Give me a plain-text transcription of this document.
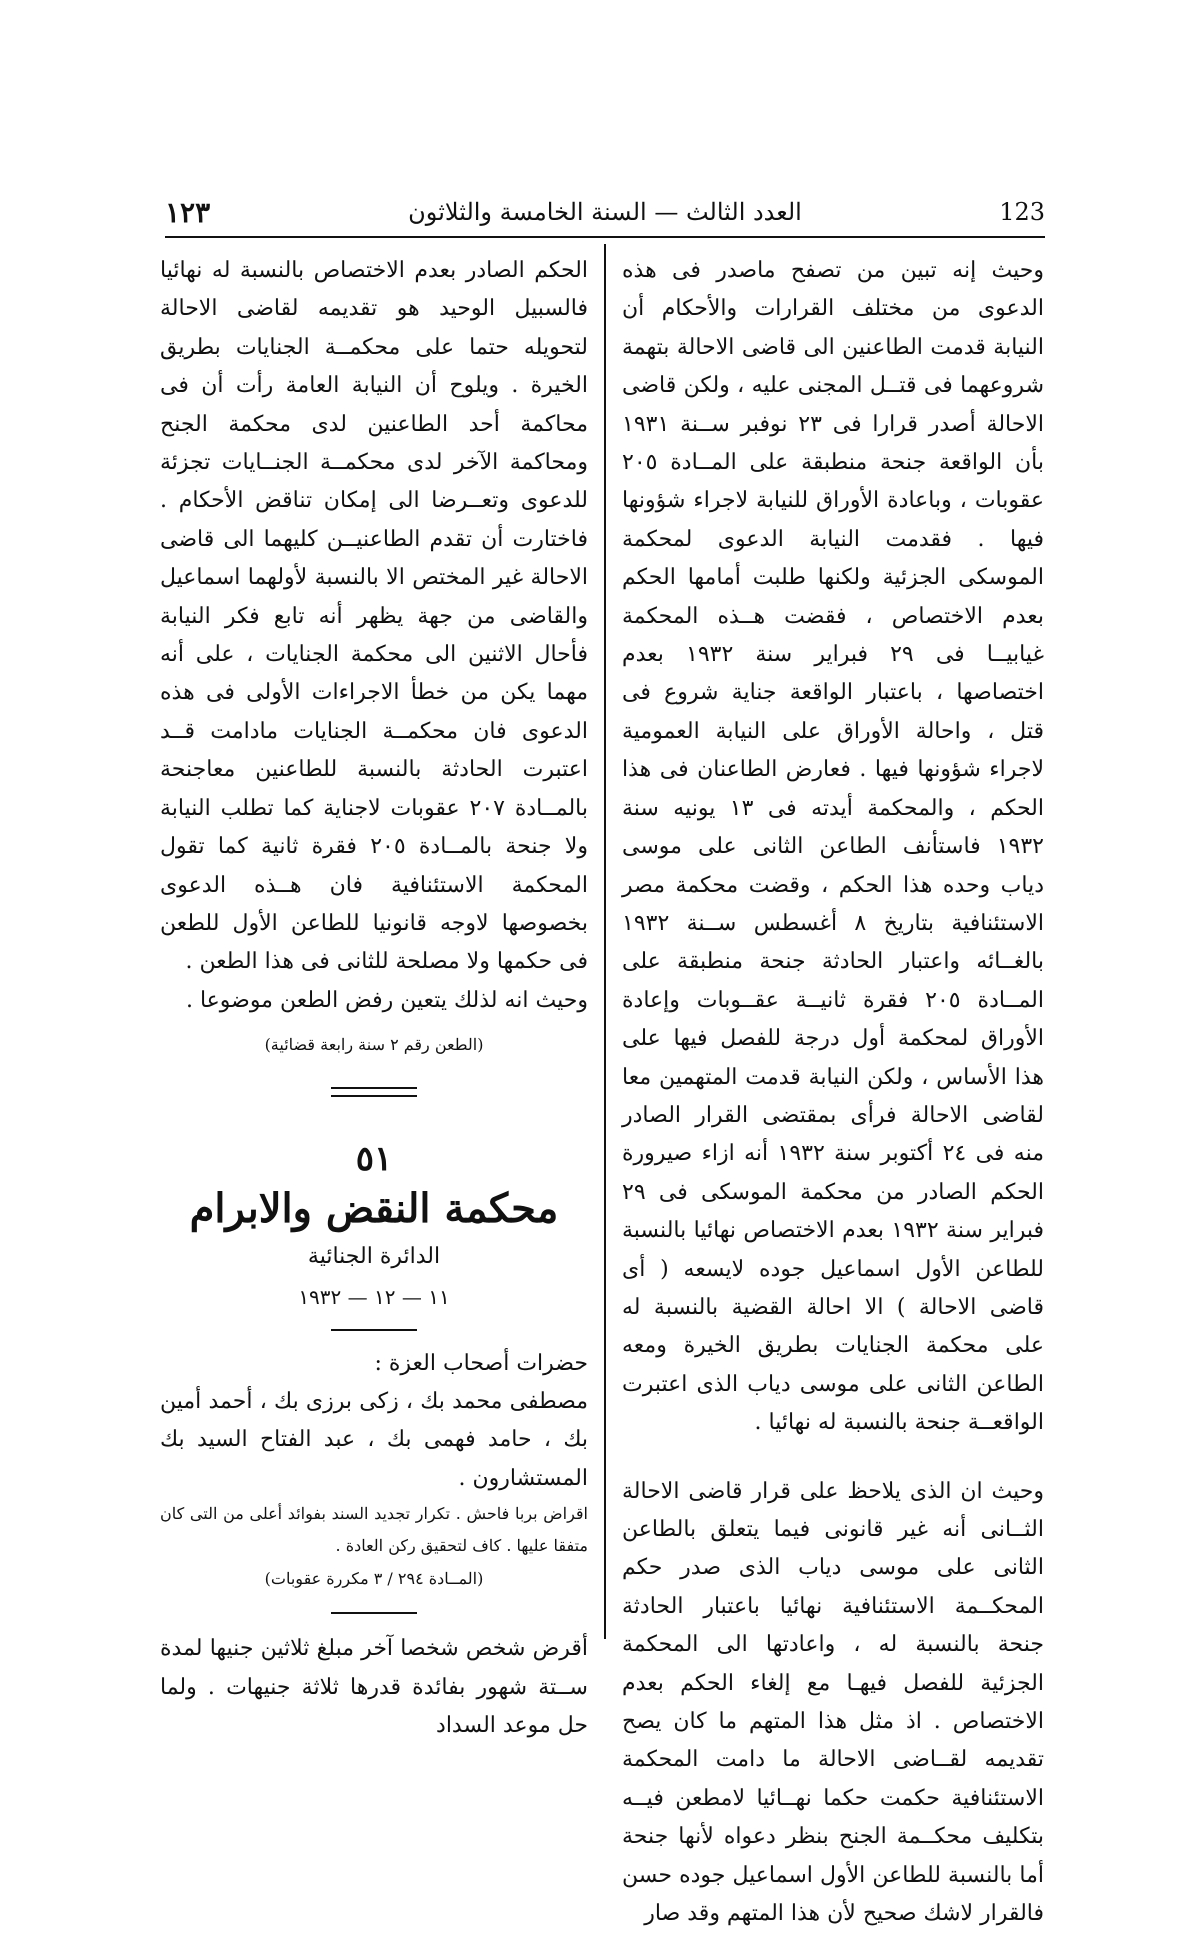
١٢٣	العدد الثالث — السنة الخامسة والثلاثون	123

وحيث إنه تبين من تصفح ماصدر فى هذه الدعوى من مختلف القرارات والأحكام أن النيابة قدمت الطاعنين الى قاضى الاحالة بتهمة شروعهما فى قتــل المجنى عليه ، ولكن قاضى الاحالة أصدر قرارا فى ٢٣ نوفبر ســنة ١٩٣١ بأن الواقعة جنحة منطبقة على المــادة ٢٠٥ عقوبات ، وباعادة الأوراق للنيابة لاجراء شؤونها فيها . فقدمت النيابة الدعوى لمحكمة الموسكى الجزئية ولكنها طلبت أمامها الحكم بعدم الاختصاص ، فقضت هــذه المحكمة غيابيــا فى ٢٩ فبراير سنة ١٩٣٢ بعدم اختصاصها ، باعتبار الواقعة جناية شروع فى قتل ، واحالة الأوراق على النيابة العمومية لاجراء شؤونها فيها . فعارض الطاعنان فى هذا الحكم ، والمحكمة أيدته فى ١٣ يونيه سنة ١٩٣٢ فاستأنف الطاعن الثانى على موسى دياب وحده هذا الحكم ، وقضت محكمة مصر الاستئنافية بتاريخ ٨ أغسطس ســنة ١٩٣٢ بالغــائه واعتبار الحادثة جنحة منطبقة على المــادة ٢٠٥ فقرة ثانيــة عقــوبات وإعادة الأوراق لمحكمة أول درجة للفصل فيها على هذا الأساس ، ولكن النيابة قدمت المتهمين معا لقاضى الاحالة فرأى بمقتضى القرار الصادر منه فى ٢٤ أكتوبر سنة ١٩٣٢ أنه ازاء صيرورة الحكم الصادر من محكمة الموسكى فى ٢٩ فبراير سنة ١٩٣٢ بعدم الاختصاص نهائيا بالنسبة للطاعن الأول اسماعيل جوده لايسعه ( أى قاضى الاحالة ) الا احالة القضية بالنسبة له على محكمة الجنايات بطريق الخيرة ومعه الطاعن الثانى على موسى دياب الذى اعتبرت الواقعــة جنحة بالنسبة له نهائيا .

وحيث ان الذى يلاحظ على قرار قاضى الاحالة الثــانى أنه غير قانونى فيما يتعلق بالطاعن الثانى على موسى دياب الذى صدر حكم المحكــمة الاستئنافية نهائيا باعتبار الحادثة جنحة بالنسبة له ، واعادتها الى المحكمة الجزئية للفصل فيهـا مع إلغاء الحكم بعدم الاختصاص . اذ مثل هذا المتهم ما كان يصح تقديمه لقــاضى الاحالة ما دامت المحكمة الاستئنافية حكمت حكما نهــائيا لامطعن فيــه بتكليف محكــمة الجنح بنظر دعواه لأنها جنحة أما بالنسبة للطاعن الأول اسماعيل جوده حسن فالقرار لاشك صحيح لأن هذا المتهم وقد صار

الحكم الصادر بعدم الاختصاص بالنسبة له نهائيا فالسبيل الوحيد هو تقديمه لقاضى الاحالة لتحويله حتما على محكمــة الجنايات بطريق الخيرة . ويلوح أن النيابة العامة رأت أن فى محاكمة أحد الطاعنين لدى محكمة الجنح ومحاكمة الآخر لدى محكمــة الجنــايات تجزئة للدعوى وتعــرضا الى إمكان تناقض الأحكام . فاختارت أن تقدم الطاعنيــن كليهما الى قاضى الاحالة غير المختص الا بالنسبة لأولهما اسماعيل والقاضى من جهة يظهر أنه تابع فكر النيابة فأحال الاثنين الى محكمة الجنايات ، على أنه مهما يكن من خطأ الاجراءات الأولى فى هذه الدعوى فان محكمــة الجنايات مادامت قــد اعتبرت الحادثة بالنسبة للطاعنين معاجنحة بالمــادة ٢٠٧ عقوبات لاجناية كما تطلب النيابة ولا جنحة بالمــادة ٢٠٥ فقرة ثانية كما تقول المحكمة الاستئنافية فان هــذه الدعوى بخصوصها لاوجه قانونيا للطاعن الأول للطعن فى حكمها ولا مصلحة للثانى فى هذا الطعن .

وحيث انه لذلك يتعين رفض الطعن موضوعا .

(الطعن رقم ٢ سنة رابعة قضائية)
٥١
محكمة النقض والابرام
الدائرة الجنائية
١١ — ١٢ — ١٩٣٢

حضرات أصحاب العزة :

مصطفى محمد بك ، زكى برزى بك ، أحمد أمين بك ، حامد فهمى بك ، عبد الفتاح السيد بك المستشارون .

اقراض بربا فاحش . تكرار تجديد السند بفوائد أعلى من التى كان متفقا عليها . كاف لتحقيق ركن العادة .

(المــادة ٢٩٤ / ٣ مكررة عقوبات)

أقرض شخص شخصا آخر مبلغ ثلاثين جنيها لمدة ســتة شهور بفائدة قدرها ثلاثة جنيهات . ولما حل موعد السداد
